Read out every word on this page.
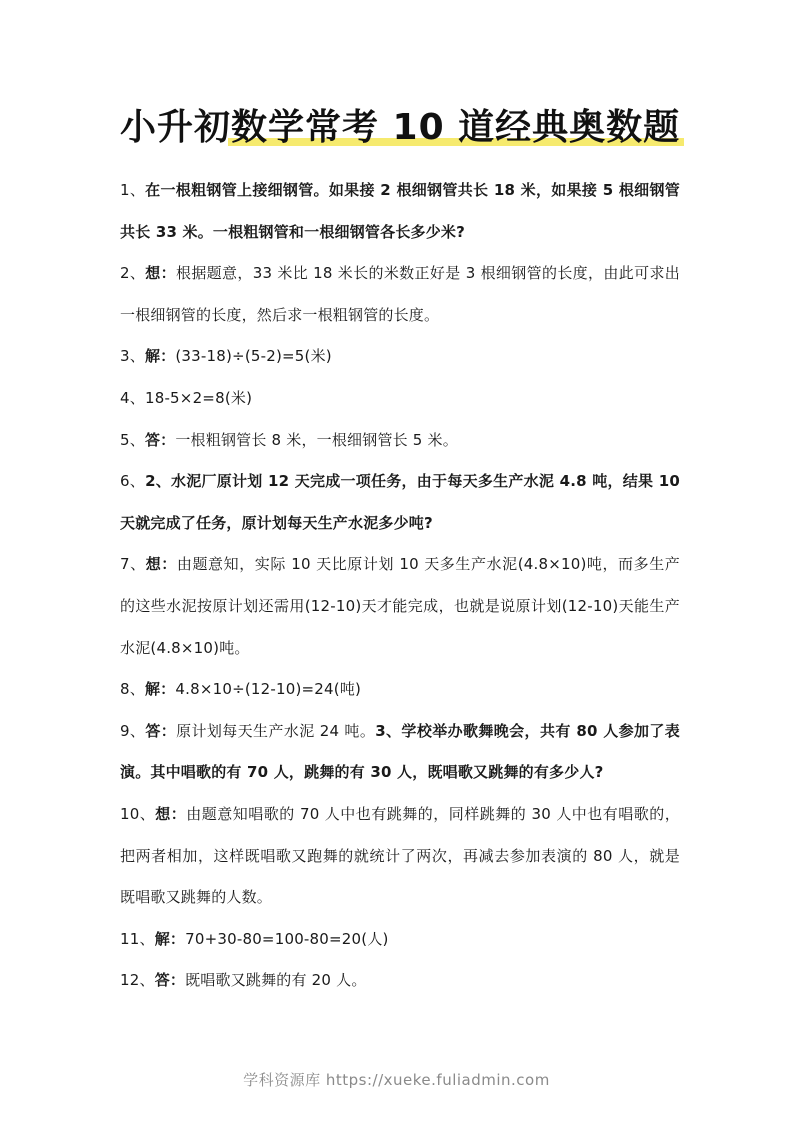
小升初数学常考 10 道经典奥数题

1、在一根粗钢管上接细钢管。如果接 2 根细钢管共长 18 米，如果接 5 根细钢管共长 33 米。一根粗钢管和一根细钢管各长多少米?

2、想：根据题意，33 米比 18 米长的米数正好是 3 根细钢管的长度，由此可求出一根细钢管的长度，然后求一根粗钢管的长度。

3、解：(33-18)÷(5-2)=5(米)

4、18-5×2=8(米)

5、答：一根粗钢管长 8 米，一根细钢管长 5 米。

6、2、水泥厂原计划 12 天完成一项任务，由于每天多生产水泥 4.8 吨，结果 10 天就完成了任务，原计划每天生产水泥多少吨?

7、想：由题意知，实际 10 天比原计划 10 天多生产水泥(4.8×10)吨，而多生产的这些水泥按原计划还需用(12-10)天才能完成，也就是说原计划(12-10)天能生产水泥(4.8×10)吨。

8、解：4.8×10÷(12-10)=24(吨)

9、答：原计划每天生产水泥 24 吨。3、学校举办歌舞晚会，共有 80 人参加了表演。其中唱歌的有 70 人，跳舞的有 30 人，既唱歌又跳舞的有多少人?

10、想：由题意知唱歌的 70 人中也有跳舞的，同样跳舞的 30 人中也有唱歌的，把两者相加，这样既唱歌又跑舞的就统计了两次，再减去参加表演的 80 人，就是既唱歌又跳舞的人数。

11、解：70+30-80=100-80=20(人)

12、答：既唱歌又跳舞的有 20 人。

学科资源库 https://xueke.fuliadmin.com
